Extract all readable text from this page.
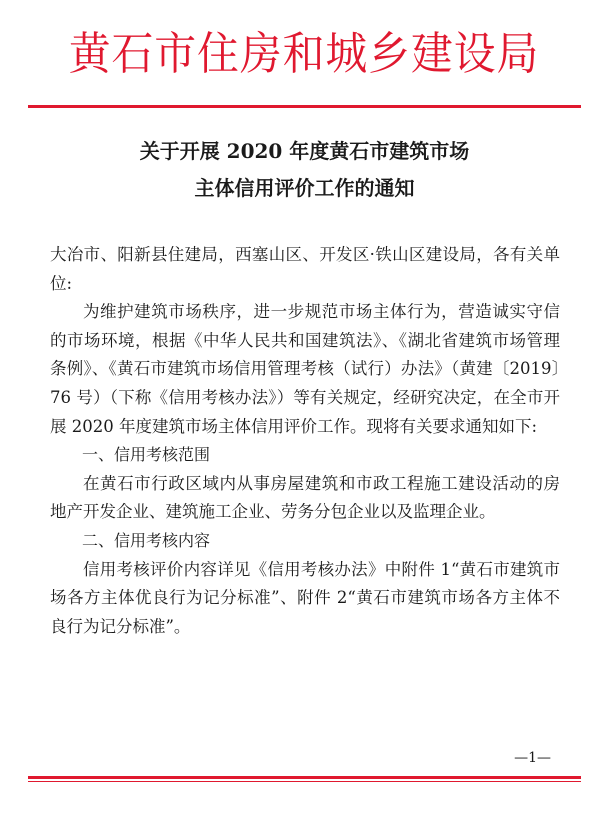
黄石市住房和城乡建设局
关于开展 2020 年度黄石市建筑市场
主体信用评价工作的通知

大冶市、阳新县住建局，西塞山区、开发区·铁山区建设局，各有关单位:

为维护建筑市场秩序，进一步规范市场主体行为，营造诚实守信的市场环境，根据《中华人民共和国建筑法》、《湖北省建筑市场管理条例》、《黄石市建筑市场信用管理考核（试行）办法》（黄建〔2019〕76 号）（下称《信用考核办法》）等有关规定，经研究决定，在全市开展 2020 年度建筑市场主体信用评价工作。现将有关要求通知如下:

一、信用考核范围

在黄石市行政区域内从事房屋建筑和市政工程施工建设活动的房地产开发企业、建筑施工企业、劳务分包企业以及监理企业。

二、信用考核内容

信用考核评价内容详见《信用考核办法》中附件 1“黄石市建筑市场各方主体优良行为记分标准”、附件 2“黄石市建筑市场各方主体不良行为记分标准”。

—1—
